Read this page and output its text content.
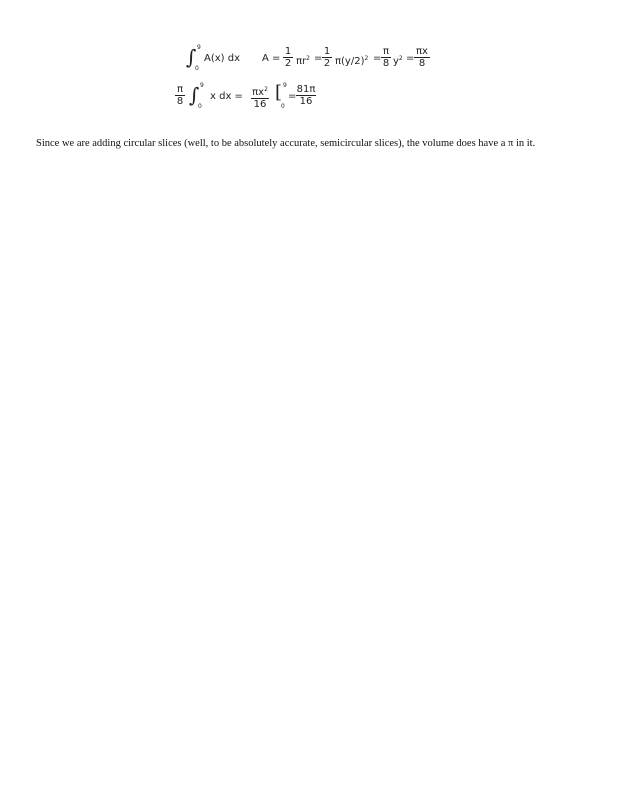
∫ 9
0
A(x) dx A =
1
2 $\pi r^2$ =
1
2 $\pi(y/2)^2$ =
π
8 $y^2$ =
πx
8
π
8 ∫ 9
0
x dx = $\pi x^2$
16
[ 9
0
=
81π
16

Since we are adding circular slices (well, to be absolutely accurate, semicircular slices), the volume does have a π in it.
